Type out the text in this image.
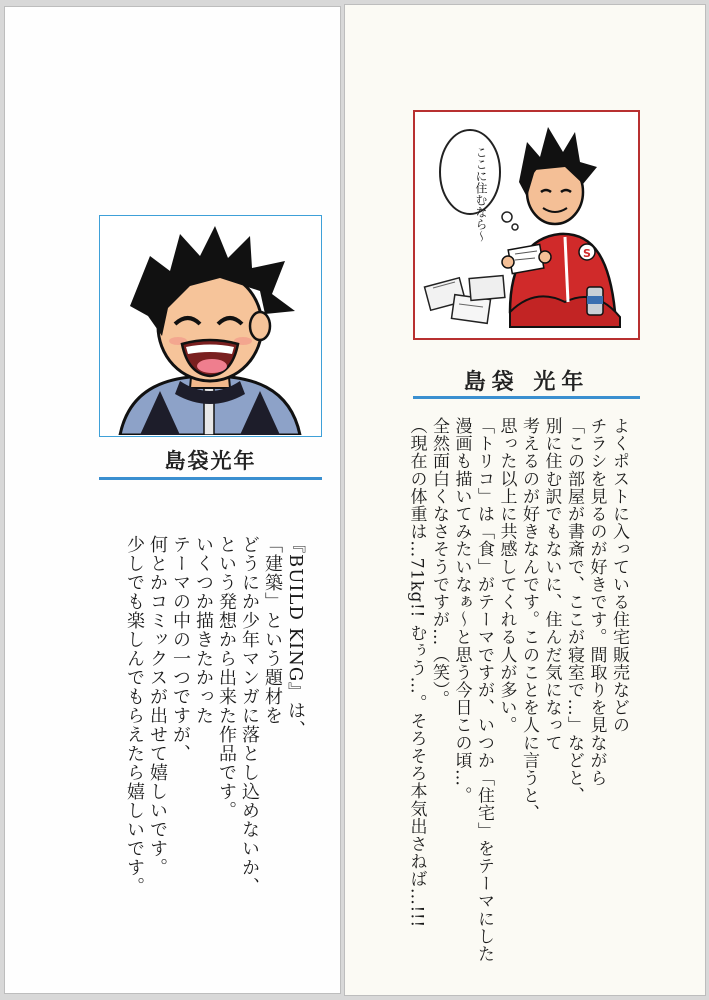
島袋光年
『BUILD KING』は、
「建築」という題材を
どうにか少年マンガに落とし込めないか、
という発想から出来た作品です。
いくつか描きたかった
テーマの中の一つですが、
何とかコミックスが出せて嬉しいです。
少しでも楽しんでもらえたら嬉しいです。
ここに住むなら〜
S
島袋 光年
よくポストに入っている住宅販売などの
チラシを見るのが好きです。間取りを見ながら
「この部屋が書斎で、ここが寝室で…」などと、
別に住む訳でもないに、住んだ気になって
考えるのが好きなんです。このことを人に言うと、
思った以上に共感してくれる人が多い。
「トリコ」は「食」がテーマですが、いつか「住宅」をテーマにした
漫画も描いてみたいなぁ〜と思う今日この頃…。
全然面白くなさそうですが…（笑）。
（現在の体重は…71kg!! むぅう…。そろそろ本気出さねば…!!!
